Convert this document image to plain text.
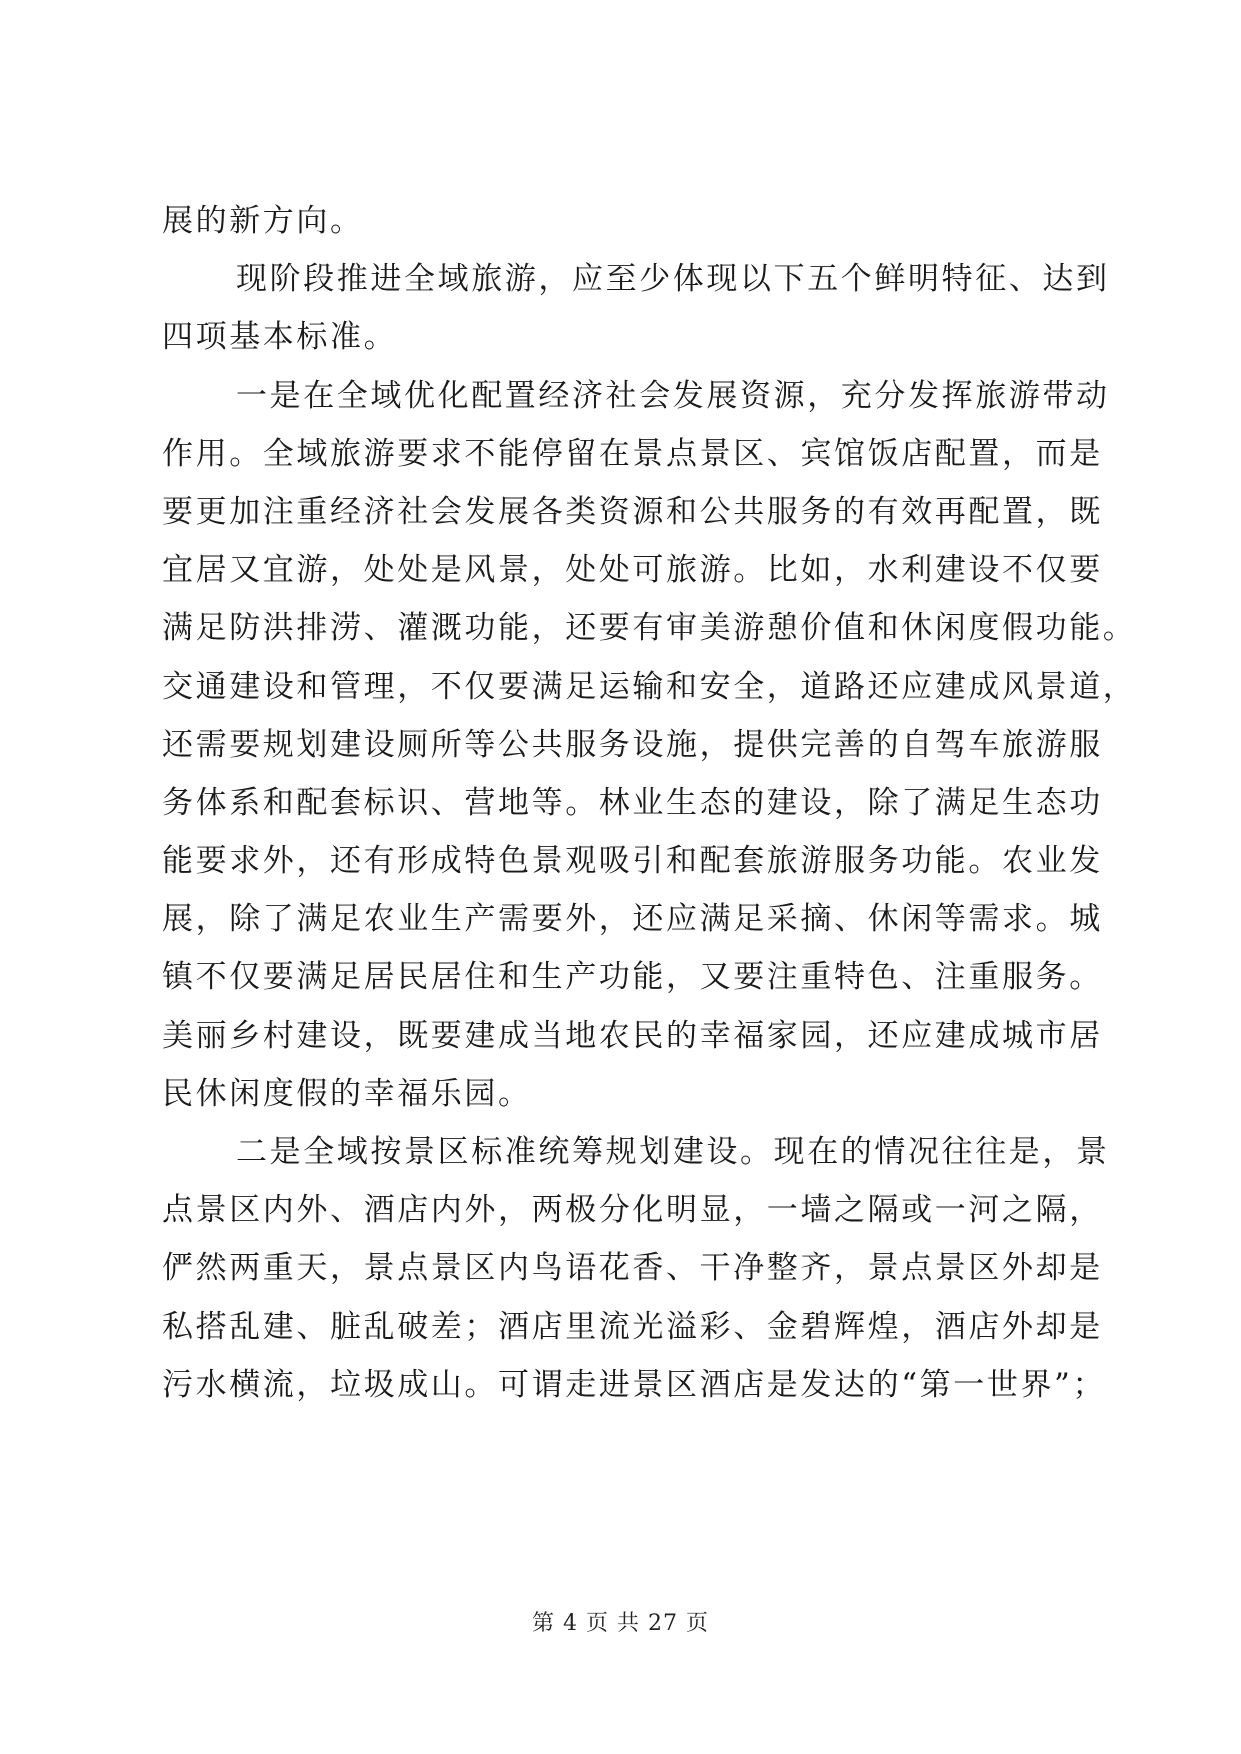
展的新方向。
现阶段推进全域旅游，应至少体现以下五个鲜明特征、达到
四项基本标准。
一是在全域优化配置经济社会发展资源，充分发挥旅游带动
作用。全域旅游要求不能停留在景点景区、宾馆饭店配置，而是
要更加注重经济社会发展各类资源和公共服务的有效再配置，既
宜居又宜游，处处是风景，处处可旅游。比如，水利建设不仅要
满足防洪排涝、灌溉功能，还要有审美游憩价值和休闲度假功能。
交通建设和管理，不仅要满足运输和安全，道路还应建成风景道，
还需要规划建设厕所等公共服务设施，提供完善的自驾车旅游服
务体系和配套标识、营地等。林业生态的建设，除了满足生态功
能要求外，还有形成特色景观吸引和配套旅游服务功能。农业发
展，除了满足农业生产需要外，还应满足采摘、休闲等需求。城
镇不仅要满足居民居住和生产功能，又要注重特色、注重服务。
美丽乡村建设，既要建成当地农民的幸福家园，还应建成城市居
民休闲度假的幸福乐园。
二是全域按景区标准统筹规划建设。现在的情况往往是，景
点景区内外、酒店内外，两极分化明显，一墙之隔或一河之隔，
俨然两重天，景点景区内鸟语花香、干净整齐，景点景区外却是
私搭乱建、脏乱破差；酒店里流光溢彩、金碧辉煌，酒店外却是
污水横流，垃圾成山。可谓走进景区酒店是发达的“第一世界”；
第 4 页 共 27 页
